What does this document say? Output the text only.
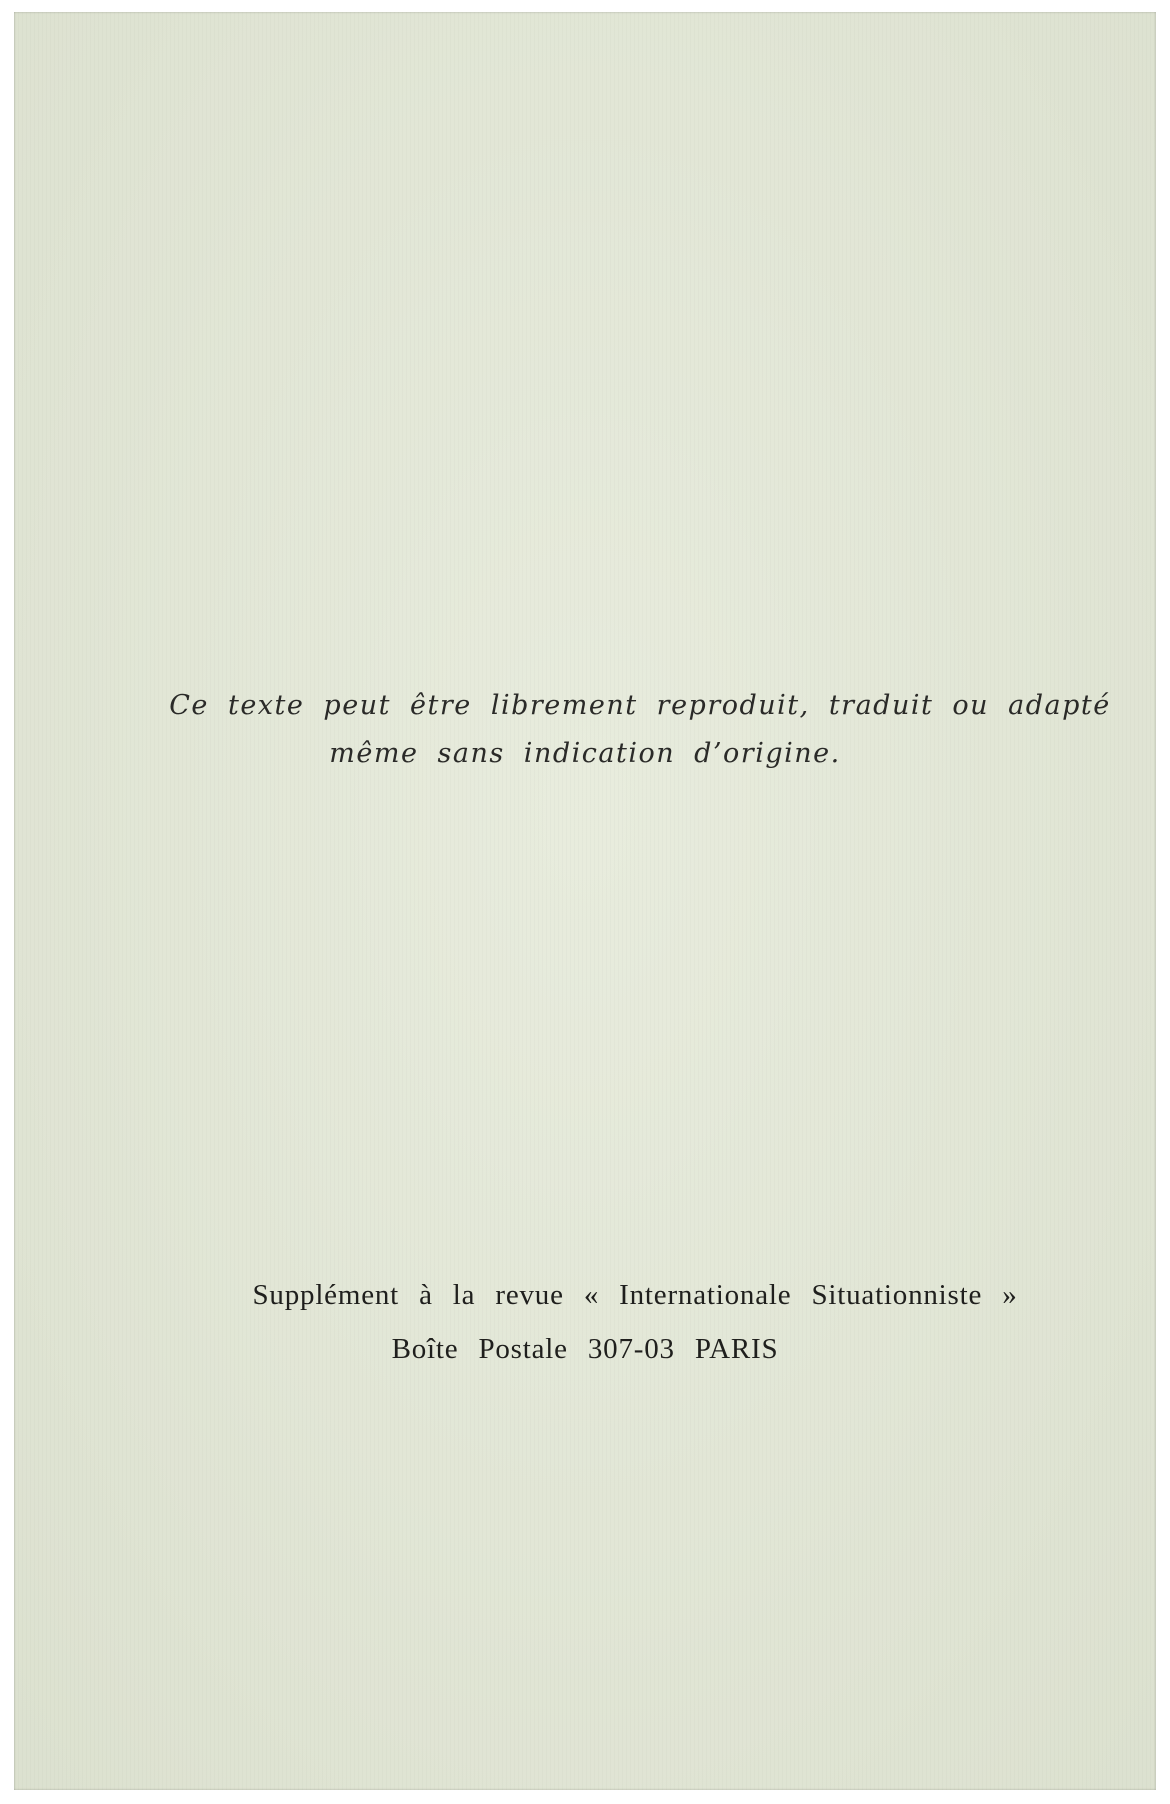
Ce texte peut être librement reproduit, traduit ou adapté
même sans indication d’origine.
Supplément à la revue « Internationale Situationniste »
Boîte Postale 307-03 PARIS
